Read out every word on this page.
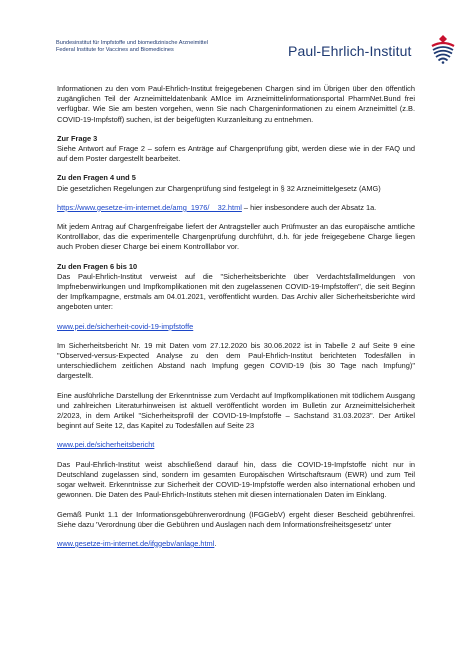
Bundesinstitut für Impfstoffe und biomedizinische Arzneimittel
Federal Institute for Vaccines and Biomedicines	Paul-Ehrlich-Institut

Informationen zu den vom Paul-Ehrlich-Institut freigegebenen Chargen sind im Übrigen über den öffentlich zugänglichen Teil der Arzneimitteldatenbank AMIce im Arzneimittelinformationsportal PharmNet.Bund frei verfügbar. Wie Sie am besten vorgehen, wenn Sie nach Chargeninformationen zu einem Arzneimittel (z.B. COVID-19-Impfstoff) suchen, ist der beigefügten Kurzanleitung zu entnehmen.

Zur Frage 3

Siehe Antwort auf Frage 2 – sofern es Anträge auf Chargenprüfung gibt, werden diese wie in der FAQ und auf dem Poster dargestellt bearbeitet.

Zu den Fragen 4 und 5

Die gesetzlichen Regelungen zur Chargenprüfung sind festgelegt in § 32 Arzneimittelgesetz (AMG)

https://www.gesetze-im-internet.de/amg_1976/__32.html – hier insbesondere auch der Absatz 1a.

Mit jedem Antrag auf Chargenfreigabe liefert der Antragsteller auch Prüfmuster an das europäische amtliche Kontrolllabor, das die experimentelle Chargenprüfung durchführt, d.h. für jede freigegebene Charge liegen auch Proben dieser Charge bei einem Kontrolllabor vor.

Zu den Fragen 6 bis 10

Das Paul-Ehrlich-Institut verweist auf die "Sicherheitsberichte über Verdachtsfallmeldungen von Impfnebenwirkungen und Impfkomplikationen mit den zugelassenen COVID-19-Impfstoffen", die seit Beginn der Impfkampagne, erstmals am 04.01.2021, veröffentlicht wurden. Das Archiv aller Sicherheitsberichte wird angeboten unter:

www.pei.de/sicherheit-covid-19-impfstoffe

Im Sicherheitsbericht Nr. 19 mit Daten vom 27.12.2020 bis 30.06.2022 ist in Tabelle 2 auf Seite 9 eine "Observed-versus-Expected Analyse zu den dem Paul-Ehrlich-Institut berichteten Todesfällen in unterschiedlichem zeitlichen Abstand nach Impfung gegen COVID-19 (bis 30 Tage nach Impfung)" dargestellt.

Eine ausführliche Darstellung der Erkenntnisse zum Verdacht auf Impfkomplikationen mit tödlichem Ausgang und zahlreichen Literaturhinweisen ist aktuell veröffentlicht worden im Bulletin zur Arzneimittelsicherheit 2/2023, in dem Artikel "Sicherheitsprofil der COVID-19-Impfstoffe – Sachstand 31.03.2023". Der Artikel beginnt auf Seite 12, das Kapitel zu Todesfällen auf Seite 23

www.pei.de/sicherheitsbericht

Das Paul-Ehrlich-Institut weist abschließend darauf hin, dass die COVID-19-Impfstoffe nicht nur in Deutschland zugelassen sind, sondern im gesamten Europäischen Wirtschaftsraum (EWR) und zum Teil sogar weltweit. Erkenntnisse zur Sicherheit der COVID-19-Impfstoffe werden also international erhoben und gewonnen. Die Daten des Paul-Ehrlich-Instituts stehen mit diesen internationalen Daten im Einklang.

Gemäß Punkt 1.1 der Informationsgebührenverordnung (IFGGebV) ergeht dieser Bescheid gebührenfrei. Siehe dazu 'Verordnung über die Gebühren und Auslagen nach dem Informationsfreiheitsgesetz' unter

www.gesetze-im-internet.de/ifggebv/anlage.html.
